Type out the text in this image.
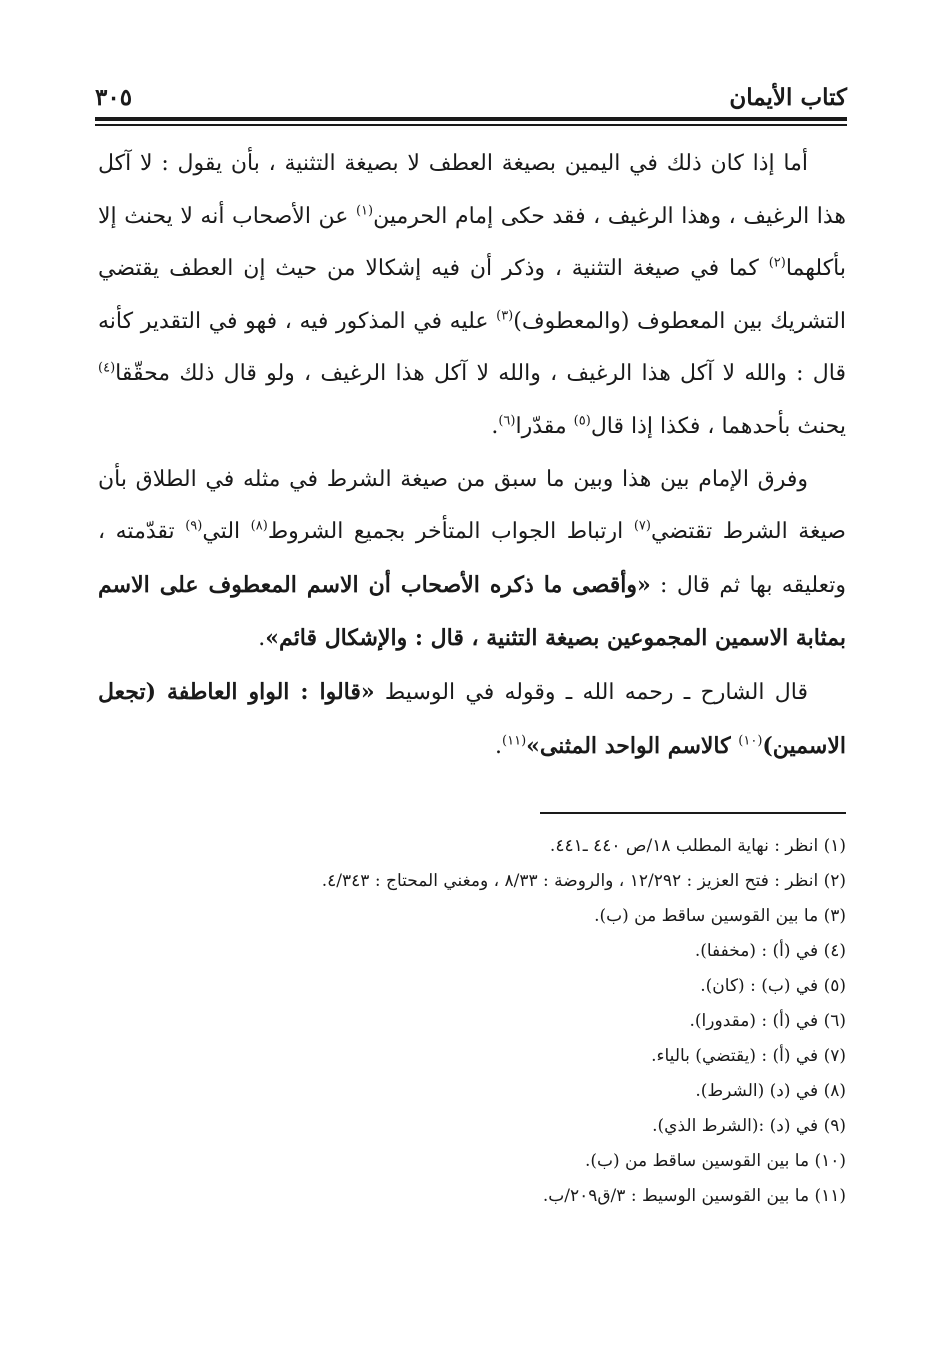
كتاب الأيمان
٣٠٥

أما إذا كان ذلك في اليمين بصيغة العطف لا بصيغة التثنية ، بأن يقول : لا آكل هذا الرغيف ، وهذا الرغيف ، فقد حكى إمام الحرمين$^{(١)}$ عن الأصحاب أنه لا يحنث إلا بأكلهما$^{(٢)}$ كما في صيغة التثنية ، وذكر أن فيه إشكالا من حيث إن العطف يقتضي التشريك بين المعطوف (والمعطوف)$^{(٣)}$ عليه في المذكور فيه ، فهو في التقدير كأنه قال : والله لا آكل هذا الرغيف ، والله لا آكل هذا الرغيف ، ولو قال ذلك محقّقا$^{(٤)}$ يحنث بأحدهما ، فكذا إذا قال$^{(٥)}$ مقدّرا$^{(٦)}$.

وفرق الإمام بين هذا وبين ما سبق من صيغة الشرط في مثله في الطلاق بأن صيغة الشرط تقتضي$^{(٧)}$ ارتباط الجواب المتأخر بجميع الشروط$^{(٨)}$ التي$^{(٩)}$ تقدّمته ، وتعليقه بها ثم قال : «وأقصى ما ذكره الأصحاب أن الاسم المعطوف على الاسم بمثابة الاسمين المجموعين بصيغة التثنية ، قال : والإشكال قائم».

قال الشارح ـ رحمه الله ـ وقوله في الوسيط «قالوا : الواو العاطفة (تجعل الاسمين)$^{(١٠)}$ كالاسم الواحد المثنى»$^{(١١)}$.

(١) انظر : نهاية المطلب ١٨/ص ٤٤٠ ـ٤٤١.
(٢) انظر : فتح العزيز : ١٢/٢٩٢ ، والروضة : ٨/٣٣ ، ومغني المحتاج : ٤/٣٤٣.
(٣) ما بين القوسين ساقط من (ب).
(٤) في (أ) : (مخففا).
(٥) في (ب) : (كان).
(٦) في (أ) : (مقدورا).
(٧) في (أ) : (يقتضي) بالياء.
(٨) في (د) (الشرط).
(٩) في (د) :(الشرط الذي).
(١٠) ما بين القوسين ساقط من (ب).
(١١) ما بين القوسين الوسيط : ٣/ق٢٠٩/ب.
